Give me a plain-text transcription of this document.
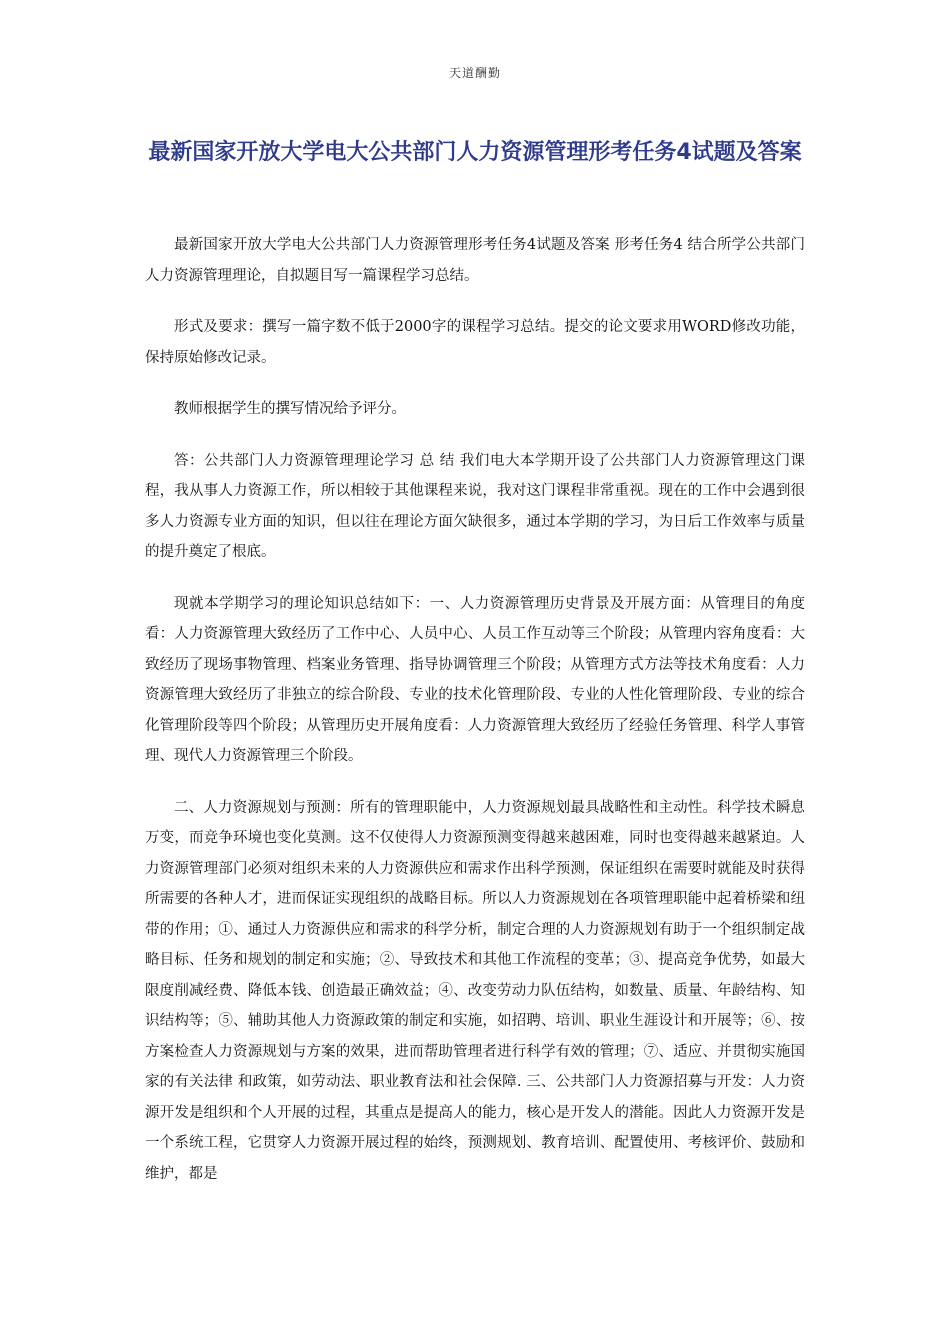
天道酬勤
最新国家开放大学电大公共部门人力资源管理形考任务4试题及答案

最新国家开放大学电大公共部门人力资源管理形考任务4试题及答案 形考任务4 结合所学公共部门人力资源管理理论，自拟题目写一篇课程学习总结。

形式及要求：撰写一篇字数不低于2000字的课程学习总结。提交的论文要求用WORD修改功能，保持原始修改记录。

教师根据学生的撰写情况给予评分。

答：公共部门人力资源管理理论学习 总 结 我们电大本学期开设了公共部门人力资源管理这门课程，我从事人力资源工作，所以相较于其他课程来说，我对这门课程非常重视。现在的工作中会遇到很多人力资源专业方面的知识，但以往在理论方面欠缺很多，通过本学期的学习，为日后工作效率与质量的提升奠定了根底。

现就本学期学习的理论知识总结如下：一、人力资源管理历史背景及开展方面：从管理目的角度看：人力资源管理大致经历了工作中心、人员中心、人员工作互动等三个阶段；从管理内容角度看：大致经历了现场事物管理、档案业务管理、指导协调管理三个阶段；从管理方式方法等技术角度看：人力资源管理大致经历了非独立的综合阶段、专业的技术化管理阶段、专业的人性化管理阶段、专业的综合化管理阶段等四个阶段；从管理历史开展角度看：人力资源管理大致经历了经验任务管理、科学人事管理、现代人力资源管理三个阶段。

二、人力资源规划与预测：所有的管理职能中，人力资源规划最具战略性和主动性。科学技术瞬息万变，而竞争环境也变化莫测。这不仅使得人力资源预测变得越来越困难，同时也变得越来越紧迫。人力资源管理部门必须对组织未来的人力资源供应和需求作出科学预测，保证组织在需要时就能及时获得所需要的各种人才，进而保证实现组织的战略目标。所以人力资源规划在各项管理职能中起着桥梁和纽带的作用；①、通过人力资源供应和需求的科学分析，制定合理的人力资源规划有助于一个组织制定战略目标、任务和规划的制定和实施；②、导致技术和其他工作流程的变革；③、提高竞争优势，如最大限度削减经费、降低本钱、创造最正确效益；④、改变劳动力队伍结构，如数量、质量、年龄结构、知识结构等；⑤、辅助其他人力资源政策的制定和实施，如招聘、培训、职业生涯设计和开展等；⑥、按方案检查人力资源规划与方案的效果，进而帮助管理者进行科学有效的管理；⑦、适应、并贯彻实施国家的有关法律 和政策，如劳动法、职业教育法和社会保障. 三、公共部门人力资源招募与开发：人力资源开发是组织和个人开展的过程，其重点是提高人的能力，核心是开发人的潜能。因此人力资源开发是一个系统工程，它贯穿人力资源开展过程的始终，预测规划、教育培训、配置使用、考核评价、鼓励和维护，都是
